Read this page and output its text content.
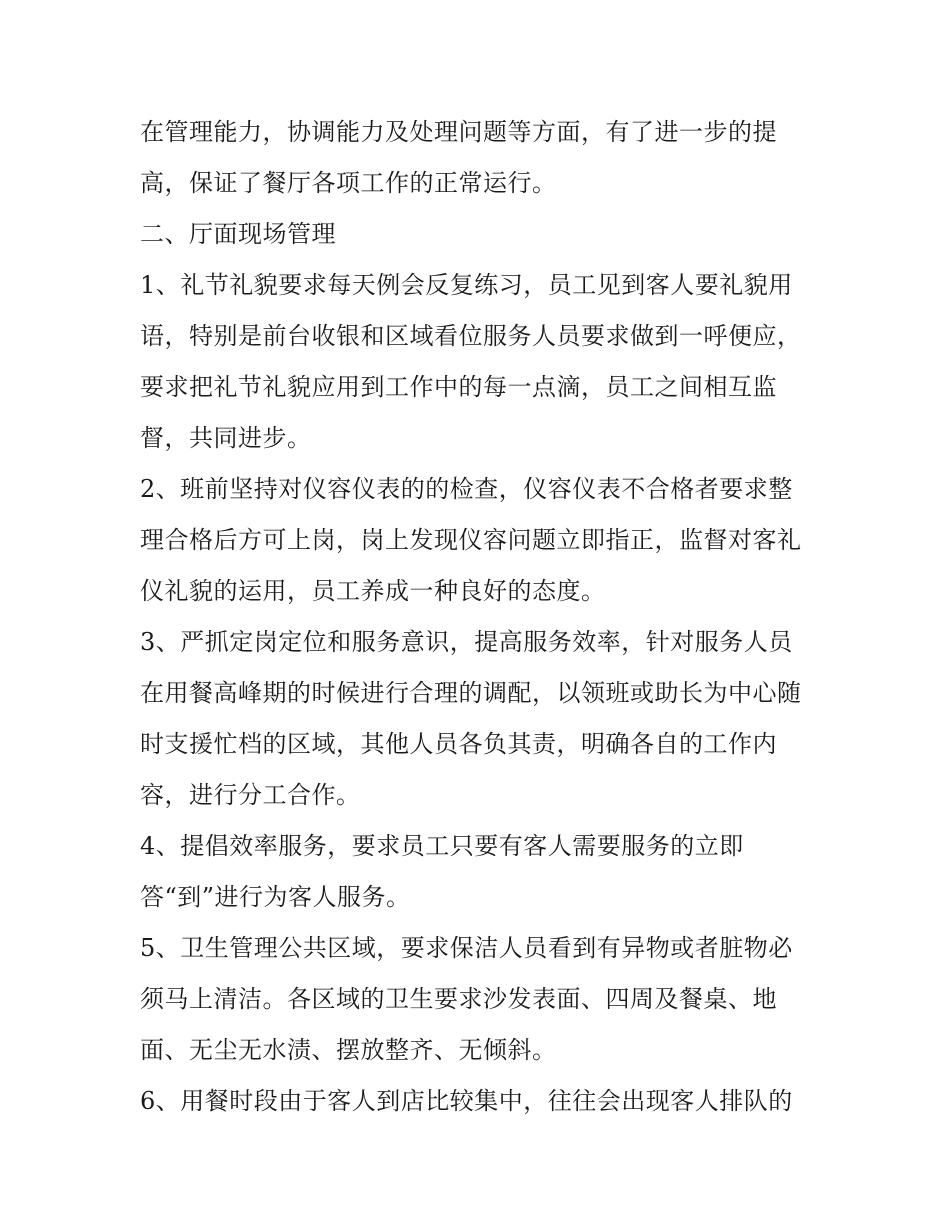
在管理能力，协调能力及处理问题等方面，有了进一步的提
高，保证了餐厅各项工作的正常运行。
二、厅面现场管理
1、礼节礼貌要求每天例会反复练习，员工见到客人要礼貌用
语，特别是前台收银和区域看位服务人员要求做到一呼便应，
要求把礼节礼貌应用到工作中的每一点滴，员工之间相互监
督，共同进步。
2、班前坚持对仪容仪表的的检查，仪容仪表不合格者要求整
理合格后方可上岗，岗上发现仪容问题立即指正，监督对客礼
仪礼貌的运用，员工养成一种良好的态度。
3、严抓定岗定位和服务意识，提高服务效率，针对服务人员
在用餐高峰期的时候进行合理的调配，以领班或助长为中心随
时支援忙档的区域，其他人员各负其责，明确各自的工作内
容，进行分工合作。
4、提倡效率服务，要求员工只要有客人需要服务的立即
答“到”进行为客人服务。
5、卫生管理公共区域，要求保洁人员看到有异物或者脏物必
须马上清洁。各区域的卫生要求沙发表面、四周及餐桌、地
面、无尘无水渍、摆放整齐、无倾斜。
6、用餐时段由于客人到店比较集中，往往会出现客人排队的
